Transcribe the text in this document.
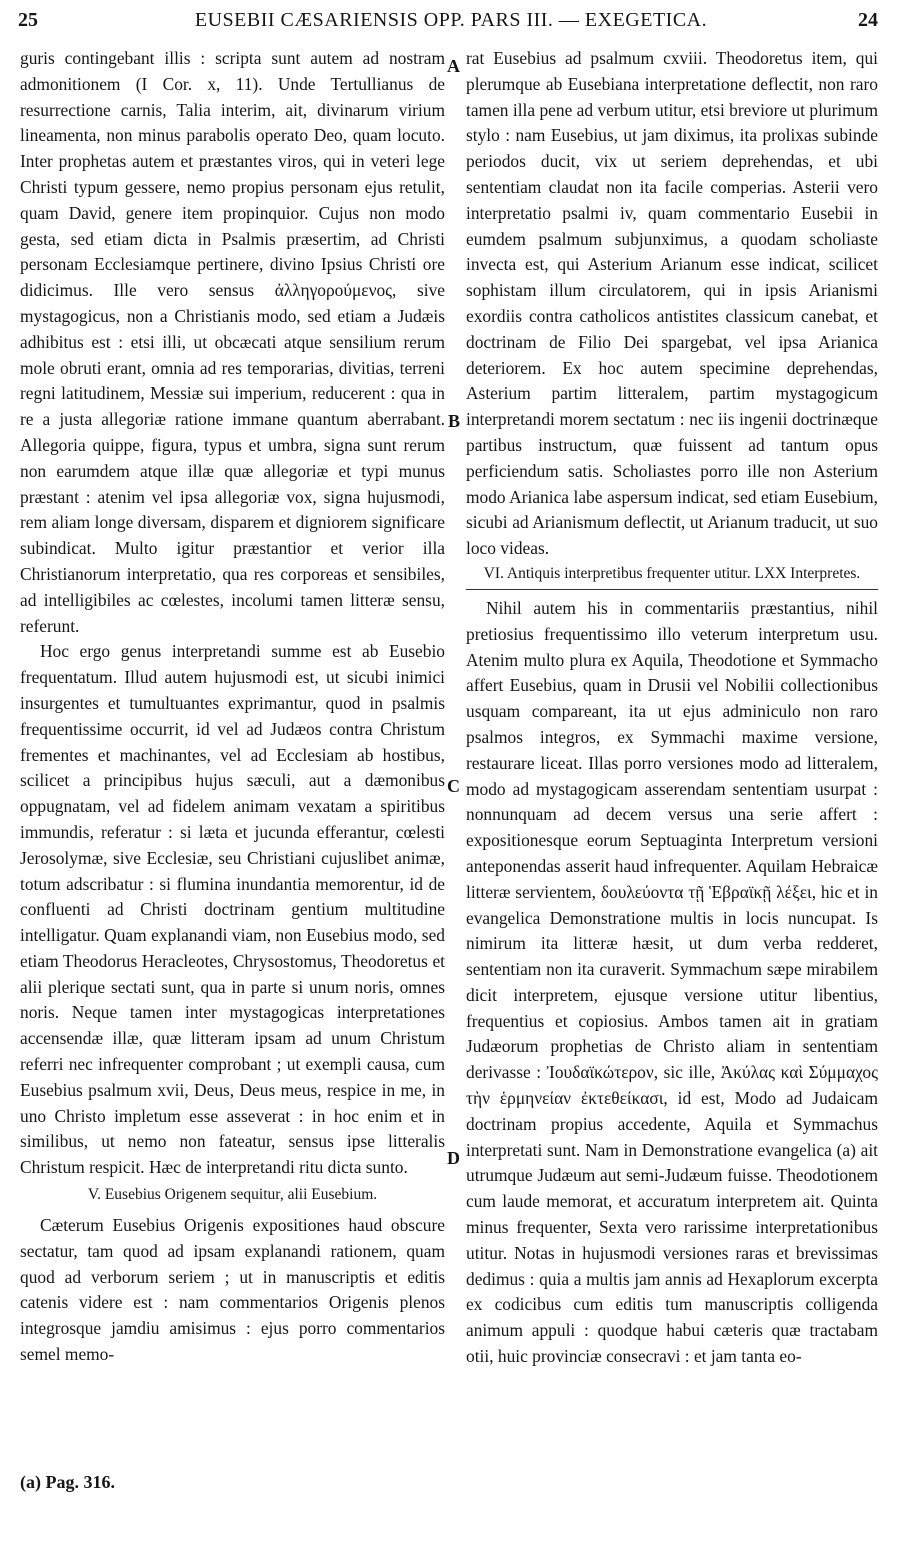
25	EUSEBII CÆSARIENSIS OPP. PARS III. — EXEGETICA.	24

guris contingebant illis : scripta sunt autem ad nostram admonitionem (I Cor. x, 11). Unde Tertullianus de resurrectione carnis, Talia interim, ait, divinarum virium lineamenta, non minus parabolis operato Deo, quam locuto. Inter prophetas autem et præstantes viros, qui in veteri lege Christi typum gessere, nemo propius personam ejus retulit, quam David, genere item propinquior. Cujus non modo gesta, sed etiam dicta in Psalmis præsertim, ad Christi personam Ecclesiamque pertinere, divino Ipsius Christi ore didicimus. Ille vero sensus ἀλληγορούμενος, sive mystagogicus, non a Christianis modo, sed etiam a Judæis adhibitus est : etsi illi, ut obcæcati atque sensilium rerum mole obruti erant, omnia ad res temporarias, divitias, terreni regni latitudinem, Messiæ sui imperium, reducerent : qua in re a justa allegoriæ ratione immane quantum aberrabant. Allegoria quippe, figura, typus et umbra, signa sunt rerum non earumdem atque illæ quæ allegoriæ et typi munus præstant : atenim vel ipsa allegoriæ vox, signa hujusmodi, rem aliam longe diversam, disparem et digniorem significare subindicat. Multo igitur præstantior et verior illa Christianorum interpretatio, qua res corporeas et sensibiles, ad intelligibiles ac cœlestes, incolumi tamen litteræ sensu, referunt.

Hoc ergo genus interpretandi summe est ab Eusebio frequentatum. Illud autem hujusmodi est, ut sicubi inimici insurgentes et tumultuantes exprimantur, quod in psalmis frequentissime occurrit, id vel ad Judæos contra Christum frementes et machinantes, vel ad Ecclesiam ab hostibus, scilicet a principibus hujus sæculi, aut a dæmonibus oppugnatam, vel ad fidelem animam vexatam a spiritibus immundis, referatur : si læta et jucunda efferantur, cœlesti Jerosolymæ, sive Ecclesiæ, seu Christiani cujuslibet animæ, totum adscribatur : si flumina inundantia memorentur, id de confluenti ad Christi doctrinam gentium multitudine intelligatur. Quam explanandi viam, non Eusebius modo, sed etiam Theodorus Heracleotes, Chrysostomus, Theodoretus et alii plerique sectati sunt, qua in parte si unum noris, omnes noris. Neque tamen inter mystagogicas interpretationes accensendæ illæ, quæ litteram ipsam ad unum Christum referri nec infrequenter comprobant ; ut exempli causa, cum Eusebius psalmum xvii, Deus, Deus meus, respice in me, in uno Christo impletum esse asseverat : in hoc enim et in similibus, ut nemo non fateatur, sensus ipse litteralis Christum respicit. Hæc de interpretandi ritu dicta sunto.

V. Eusebius Origenem sequitur, alii Eusebium.

Cæterum Eusebius Origenis expositiones haud obscure sectatur, tam quod ad ipsam explanandi rationem, quam quod ad verborum seriem ; ut in manuscriptis et editis catenis videre est : nam commentarios Origenis plenos integrosque jamdiu amisimus : ejus porro commentarios semel memo-

A
B
C
D

rat Eusebius ad psalmum cxviii. Theodoretus item, qui plerumque ab Eusebiana interpretatione deflectit, non raro tamen illa pene ad verbum utitur, etsi breviore ut plurimum stylo : nam Eusebius, ut jam diximus, ita prolixas subinde periodos ducit, vix ut seriem deprehendas, et ubi sententiam claudat non ita facile comperias. Asterii vero interpretatio psalmi iv, quam commentario Eusebii in eumdem psalmum subjunximus, a quodam scholiaste invecta est, qui Asterium Arianum esse indicat, scilicet sophistam illum circulatorem, qui in ipsis Arianismi exordiis contra catholicos antistites classicum canebat, et doctrinam de Filio Dei spargebat, vel ipsa Arianica deteriorem. Ex hoc autem specimine deprehendas, Asterium partim litteralem, partim mystagogicum interpretandi morem sectatum : nec iis ingenii doctrinæque partibus instructum, quæ fuissent ad tantum opus perficiendum satis. Scholiastes porro ille non Asterium modo Arianica labe aspersum indicat, sed etiam Eusebium, sicubi ad Arianismum deflectit, ut Arianum traducit, ut suo loco videas.

VI. Antiquis interpretibus frequenter utitur. LXX Interpretes.

Nihil autem his in commentariis præstantius, nihil pretiosius frequentissimo illo veterum interpretum usu. Atenim multo plura ex Aquila, Theodotione et Symmacho affert Eusebius, quam in Drusii vel Nobilii collectionibus usquam compareant, ita ut ejus adminiculo non raro psalmos integros, ex Symmachi maxime versione, restaurare liceat. Illas porro versiones modo ad litteralem, modo ad mystagogicam asserendam sententiam usurpat : nonnunquam ad decem versus una serie affert : expositionesque eorum Septuaginta Interpretum versioni anteponendas asserit haud infrequenter. Aquilam Hebraicæ litteræ servientem, δουλεύοντα τῇ Ἑβραϊκῇ λέξει, hic et in evangelica Demonstratione multis in locis nuncupat. Is nimirum ita litteræ hæsit, ut dum verba redderet, sententiam non ita curaverit. Symmachum sæpe mirabilem dicit interpretem, ejusque versione utitur libentius, frequentius et copiosius. Ambos tamen ait in gratiam Judæorum prophetias de Christo aliam in sententiam derivasse : Ἰουδαϊκώτερον, sic ille, Ἀκύλας καὶ Σύμμαχος τὴν ἑρμηνείαν ἐκτεθείκασι, id est, Modo ad Judaicam doctrinam propius accedente, Aquila et Symmachus interpretati sunt. Nam in Demonstratione evangelica (a) ait utrumque Judæum aut semi-Judæum fuisse. Theodotionem cum laude memorat, et accuratum interpretem ait. Quinta minus frequenter, Sexta vero rarissime interpretationibus utitur. Notas in hujusmodi versiones raras et brevissimas dedimus : quia a multis jam annis ad Hexaplorum excerpta ex codicibus cum editis tum manuscriptis colligenda animum appuli : quodque habui cæteris quæ tractabam otii, huic provinciæ consecravi : et jam tanta eo-

(a) Pag. 316.
